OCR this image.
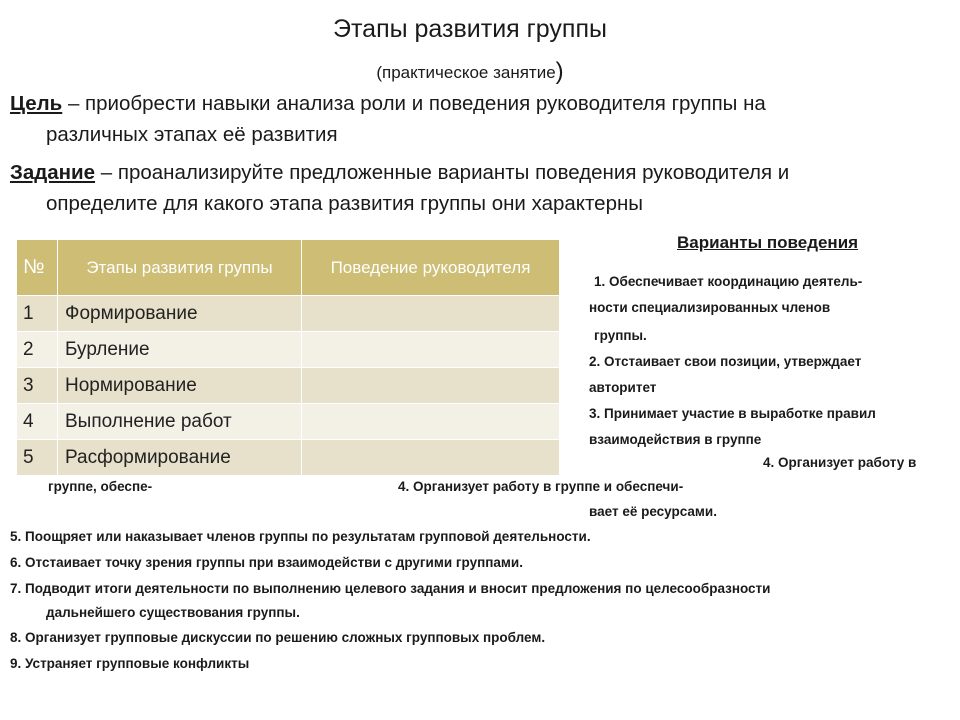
Этапы развития группы
(практическое занятие)
Цель – приобрести навыки анализа роли и поведения руководителя группы на
различных этапах её развития
Задание – проанализируйте предложенные варианты поведения руководителя и
определите для какого этапа развития группы они характерны
№	Этапы развития группы	Поведение руководителя
1	Формирование	
2	Бурление	
3	Нормирование	
4	Выполнение работ	
5	Расформирование	
Варианты поведения
1. Обеспечивает координацию деятель-
ности специализированных членов
группы.
2. Отстаивает свои позиции, утверждает
авторитет
3. Принимает участие в выработке правил
взаимодействия в группе
4. Организует работу в
группе, обеспе-	4. Организует работу в группе и обеспечи-
вает её ресурсами.
5. Поощряет или наказывает членов группы по результатам групповой деятельности.
6. Отстаивает точку зрения группы при взаимодействи с другими группами.
7. Подводит итоги деятельности по выполнению целевого задания и вносит предложения по целесообразности
дальнейшего существования группы.
8. Организует групповые дискуссии по решению сложных групповых проблем.
9. Устраняет групповые конфликты
